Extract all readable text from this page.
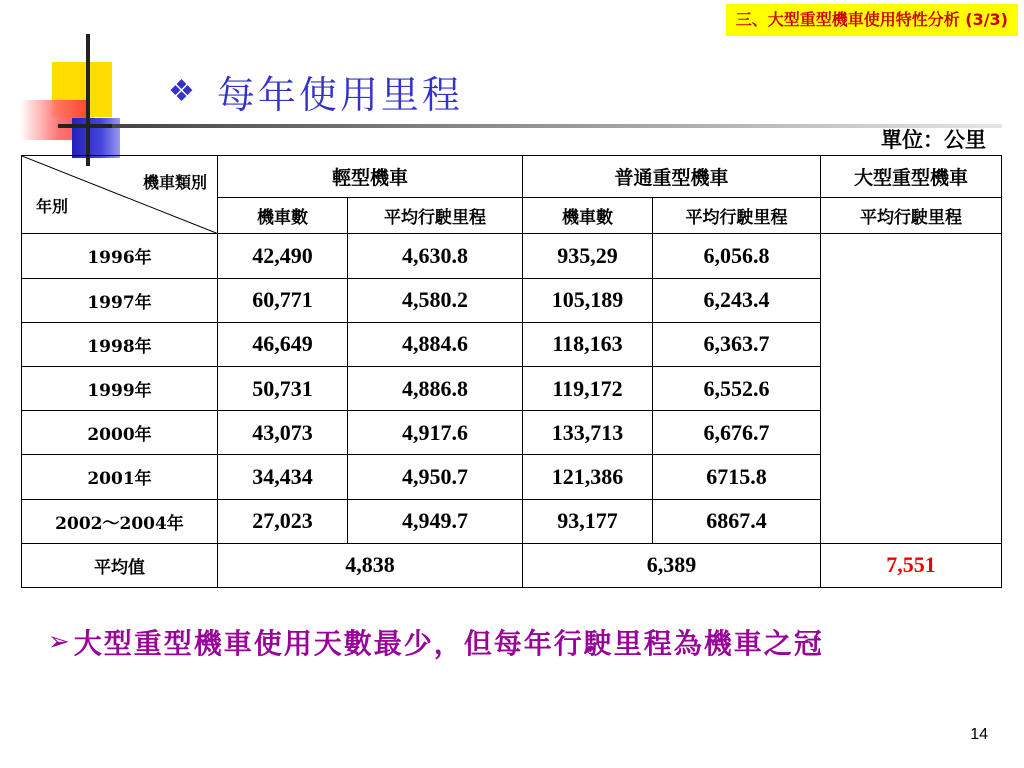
三、大型重型機車使用特性分析 (3/3)
❖ 每年使用里程
單位：公里
機車類別
年別	輕型機車		普通重型機車		大型重型機車
	機車數	平均行駛里程	機車數	平均行駛里程	平均行駛里程
1996年	42,490	4,630.8	935,29	6,056.8	
1997年	60,771	4,580.2	105,189	6,243.4	
1998年	46,649	4,884.6	118,163	6,363.7	
1999年	50,731	4,886.8	119,172	6,552.6	
2000年	43,073	4,917.6	133,713	6,676.7	
2001年	34,434	4,950.7	121,386	6715.8	
2002～2004年	27,023	4,949.7	93,177	6867.4	
平均值	4,838		6,389		7,551
➢ 大型重型機車使用天數最少，但每年行駛里程為機車之冠
14
